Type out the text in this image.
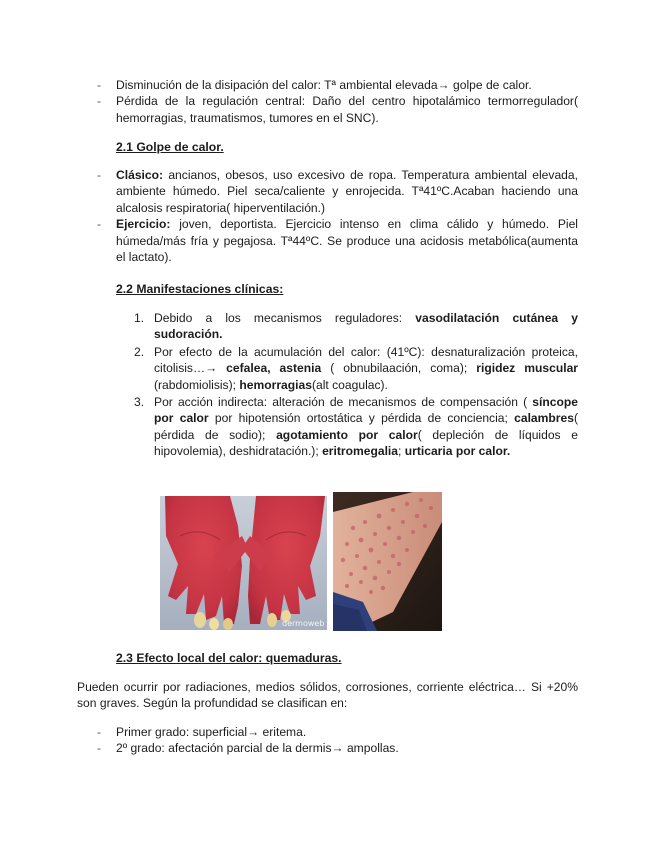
- Disminución de la disipación del calor: Tª ambiental elevada→ golpe de calor.
- Pérdida de la regulación central: Daño del centro hipotalámico termorregulador( hemorragias, traumatismos, tumores en el SNC).
2.1 Golpe de calor.
- Clásico: ancianos, obesos, uso excesivo de ropa. Temperatura ambiental elevada, ambiente húmedo. Piel seca/caliente y enrojecida. Tª41ºC.Acaban haciendo una alcalosis respiratoria( hiperventilación.)
- Ejercicio: joven, deportista. Ejercicio intenso en clima cálido y húmedo. Piel húmeda/más fría y pegajosa. Tª44ºC. Se produce una acidosis metabólica(aumenta el lactato).
2.2 Manifestaciones clínicas:
1. Debido a los mecanismos reguladores: vasodilatación cutánea y sudoración.
2. Por efecto de la acumulación del calor: (41ºC): desnaturalización proteica, citolisis…→ cefalea, astenia ( obnubilaación, coma); rigidez muscular (rabdomiolisis); hemorragias(alt coagulac).
3. Por acción indirecta: alteración de mecanismos de compensación ( síncope por calor por hipotensión ortostática y pérdida de conciencia; calambres( pérdida de sodio); agotamiento por calor( depleción de líquidos e hipovolemia), deshidratación.); eritromegalia; urticaria por calor.
dermoweb
2.3 Efecto local del calor: quemaduras.

Pueden ocurrir por radiaciones, medios sólidos, corrosiones, corriente eléctrica… Si +20% son graves. Según la profundidad se clasifican en:

- Primer grado: superficial→ eritema.
- 2º grado: afectación parcial de la dermis→ ampollas.
